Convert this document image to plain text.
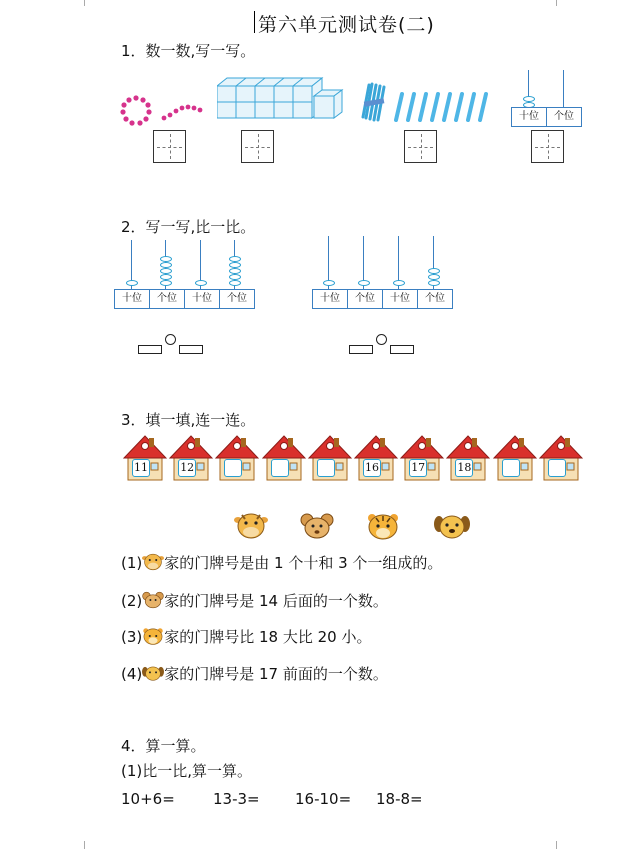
第六单元测试卷(二)
1．数一数,写一写。
十位	个位
2．写一写,比一比。
十位	个位	十位	个位	十位	个位	十位	个位
3．填一填,连一连。
11	12	16	17	18
(1) 家的门牌号是由 1 个十和 3 个一组成的。
(2) 家的门牌号是 14 后面的一个数。
(3) 家的门牌号比 18 大比 20 小。
(4) 家的门牌号是 17 前面的一个数。
4．算一算。
(1)比一比,算一算。
10+6=	13-3= 16-10= 18-8=
